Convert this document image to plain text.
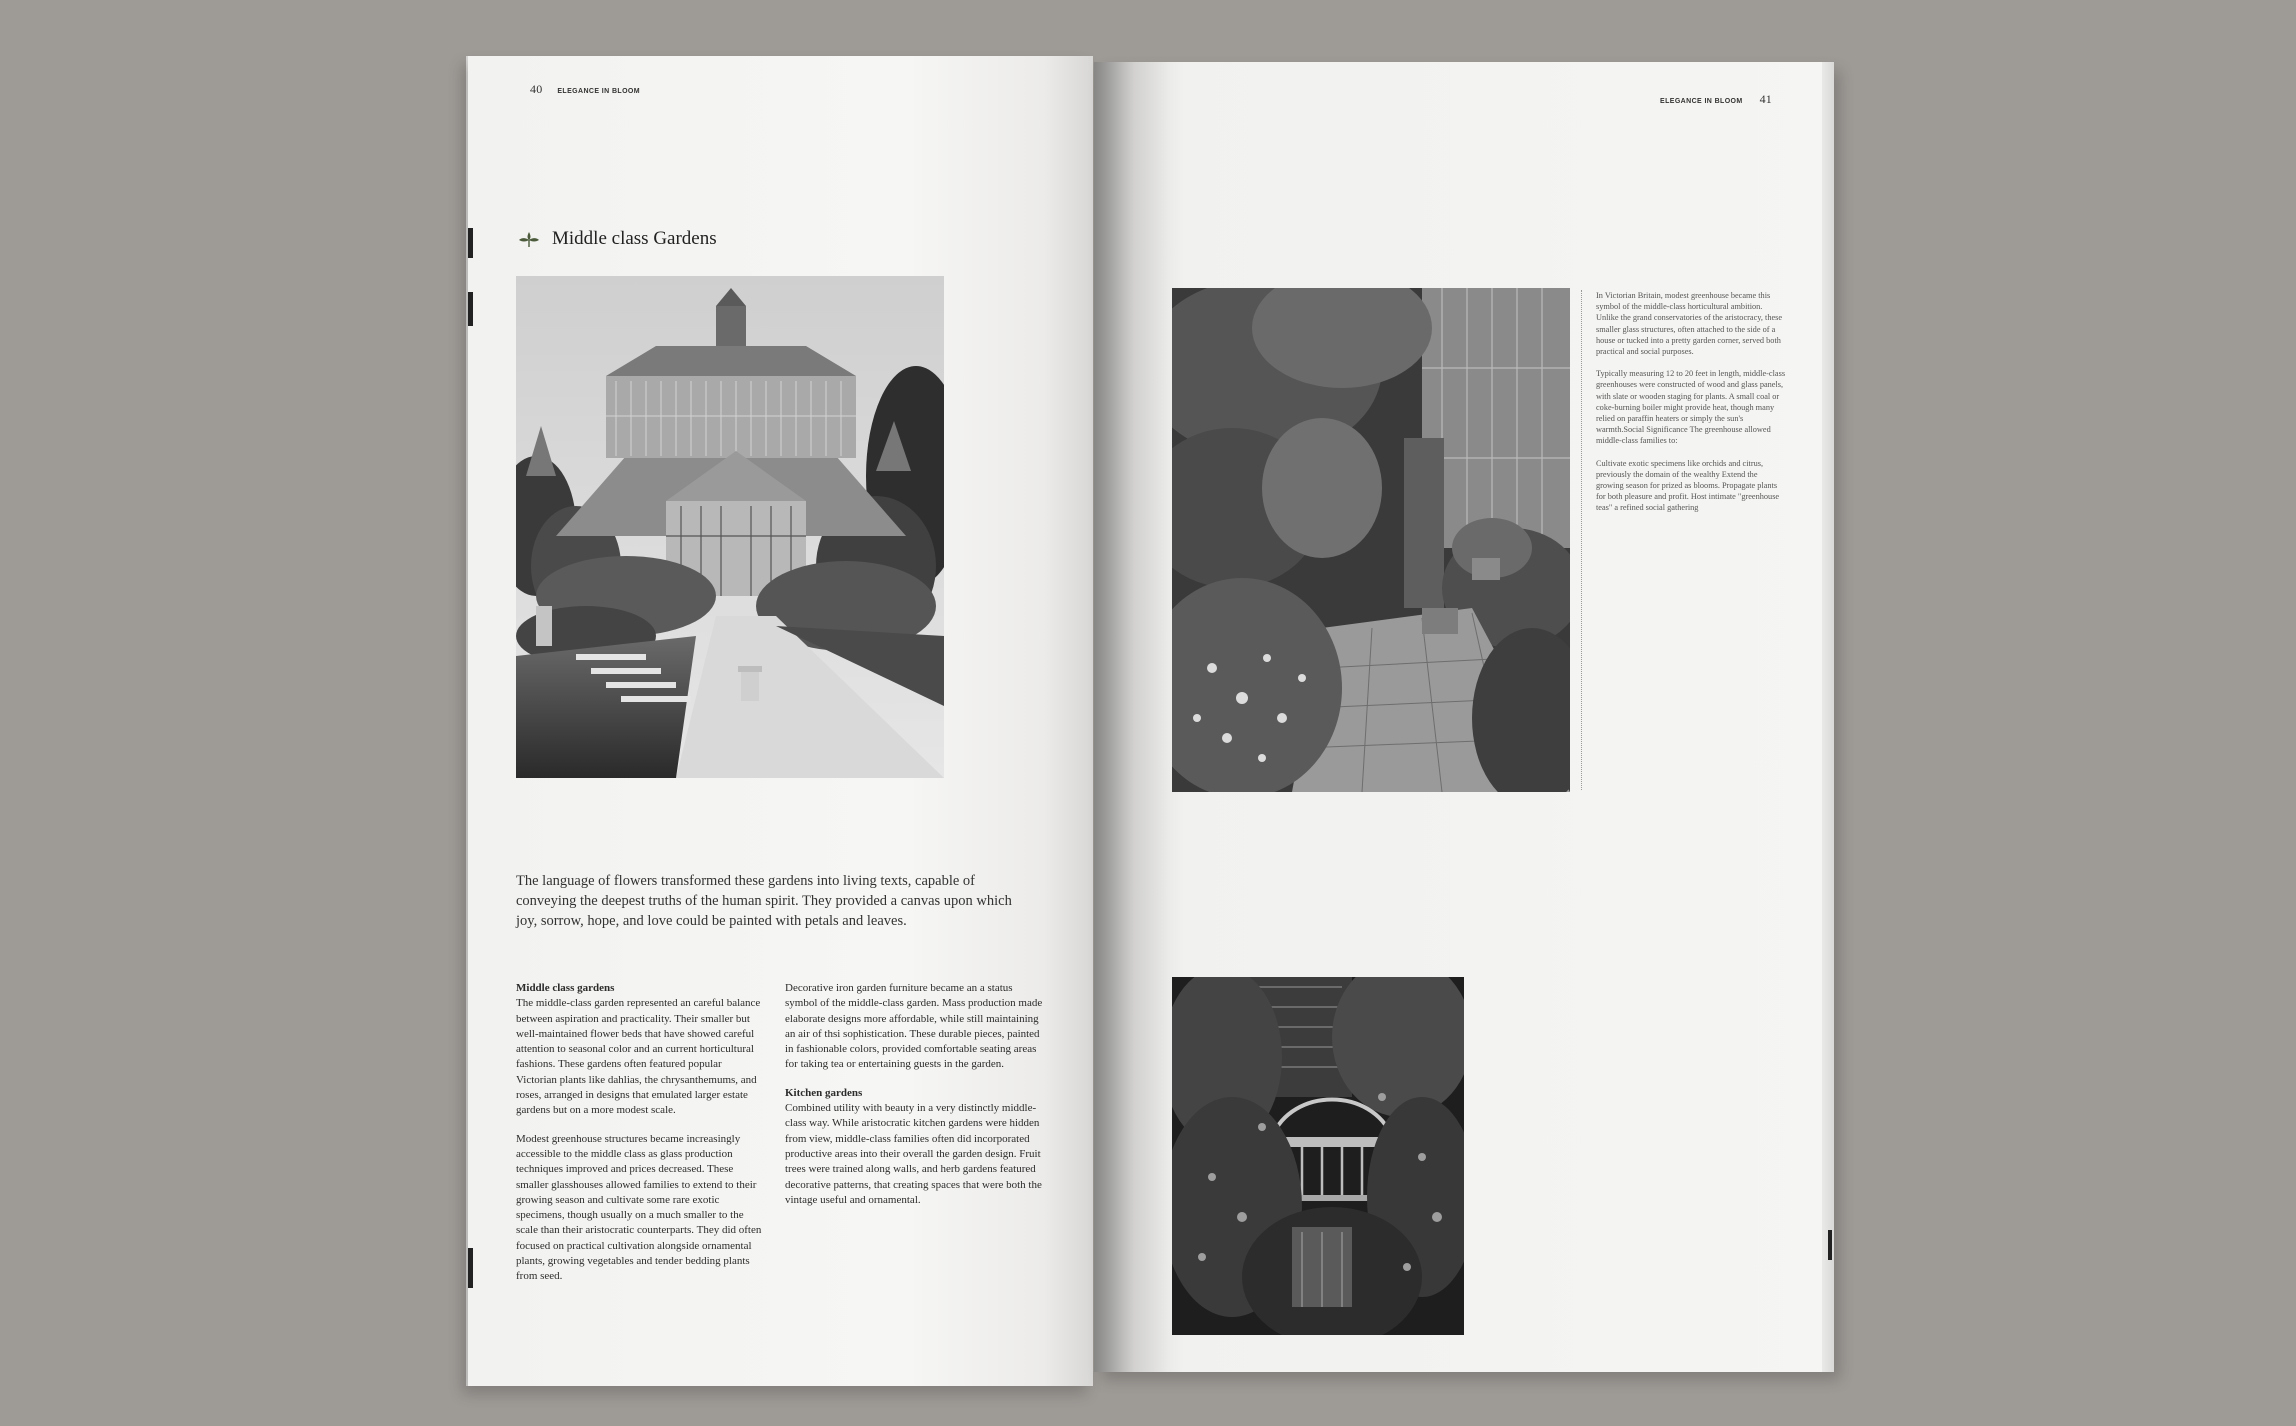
40 ELEGANCE IN BLOOM
Middle class Gardens

The language of flowers transformed these gardens into living texts, capable of conveying the deepest truths of the human spirit. They provided a canvas upon which joy, sorrow, hope, and love could be painted with petals and leaves.

Middle class gardens
The middle-class garden represented an careful balance between aspiration and practicality. Their smaller but well-maintained flower beds that have showed careful attention to seasonal color and an current horticultural fashions. These gardens often featured popular Victorian plants like dahlias, the chrysanthemums, and roses, arranged in designs that emulated larger estate gardens but on a more modest scale.

Modest greenhouse structures became increasingly accessible to the middle class as glass production techniques improved and prices decreased. These smaller glasshouses allowed families to extend to their growing season and cultivate some rare exotic specimens, though usually on a much smaller to the scale than their aristocratic counterparts. They did often focused on practical cultivation alongside ornamental plants, growing vegetables and tender bedding plants from seed.

Decorative iron garden furniture became an a status symbol of the middle-class garden. Mass production made elaborate designs more affordable, while still maintaining an air of thsi sophistication. These durable pieces, painted in fashionable colors, provided comfortable seating areas for taking tea or entertaining guests in the garden.

Kitchen gardens
Combined utility with beauty in a very distinctly middle-class way. While aristocratic kitchen gardens were hidden from view, middle-class families often did incorporated productive areas into their overall the garden design. Fruit trees were trained along walls, and herb gardens featured decorative patterns, that creating spaces that were both the vintage useful and ornamental.

ELEGANCE IN BLOOM 41

In Victorian Britain, modest greenhouse became this symbol of the middle-class horticultural ambition. Unlike the grand conservatories of the aristocracy, these smaller glass structures, often attached to the side of a house or tucked into a pretty garden corner, served both practical and social purposes.

Typically measuring 12 to 20 feet in length, middle-class greenhouses were constructed of wood and glass panels, with slate or wooden staging for plants. A small coal or coke-burning boiler might provide heat, though many relied on paraffin heaters or simply the sun's warmth.Social Significance The greenhouse allowed middle-class families to:

Cultivate exotic specimens like orchids and citrus, previously the domain of the wealthy Extend the growing season for prized as blooms. Propagate plants for both pleasure and profit. Host intimate "greenhouse teas" a refined social gathering
